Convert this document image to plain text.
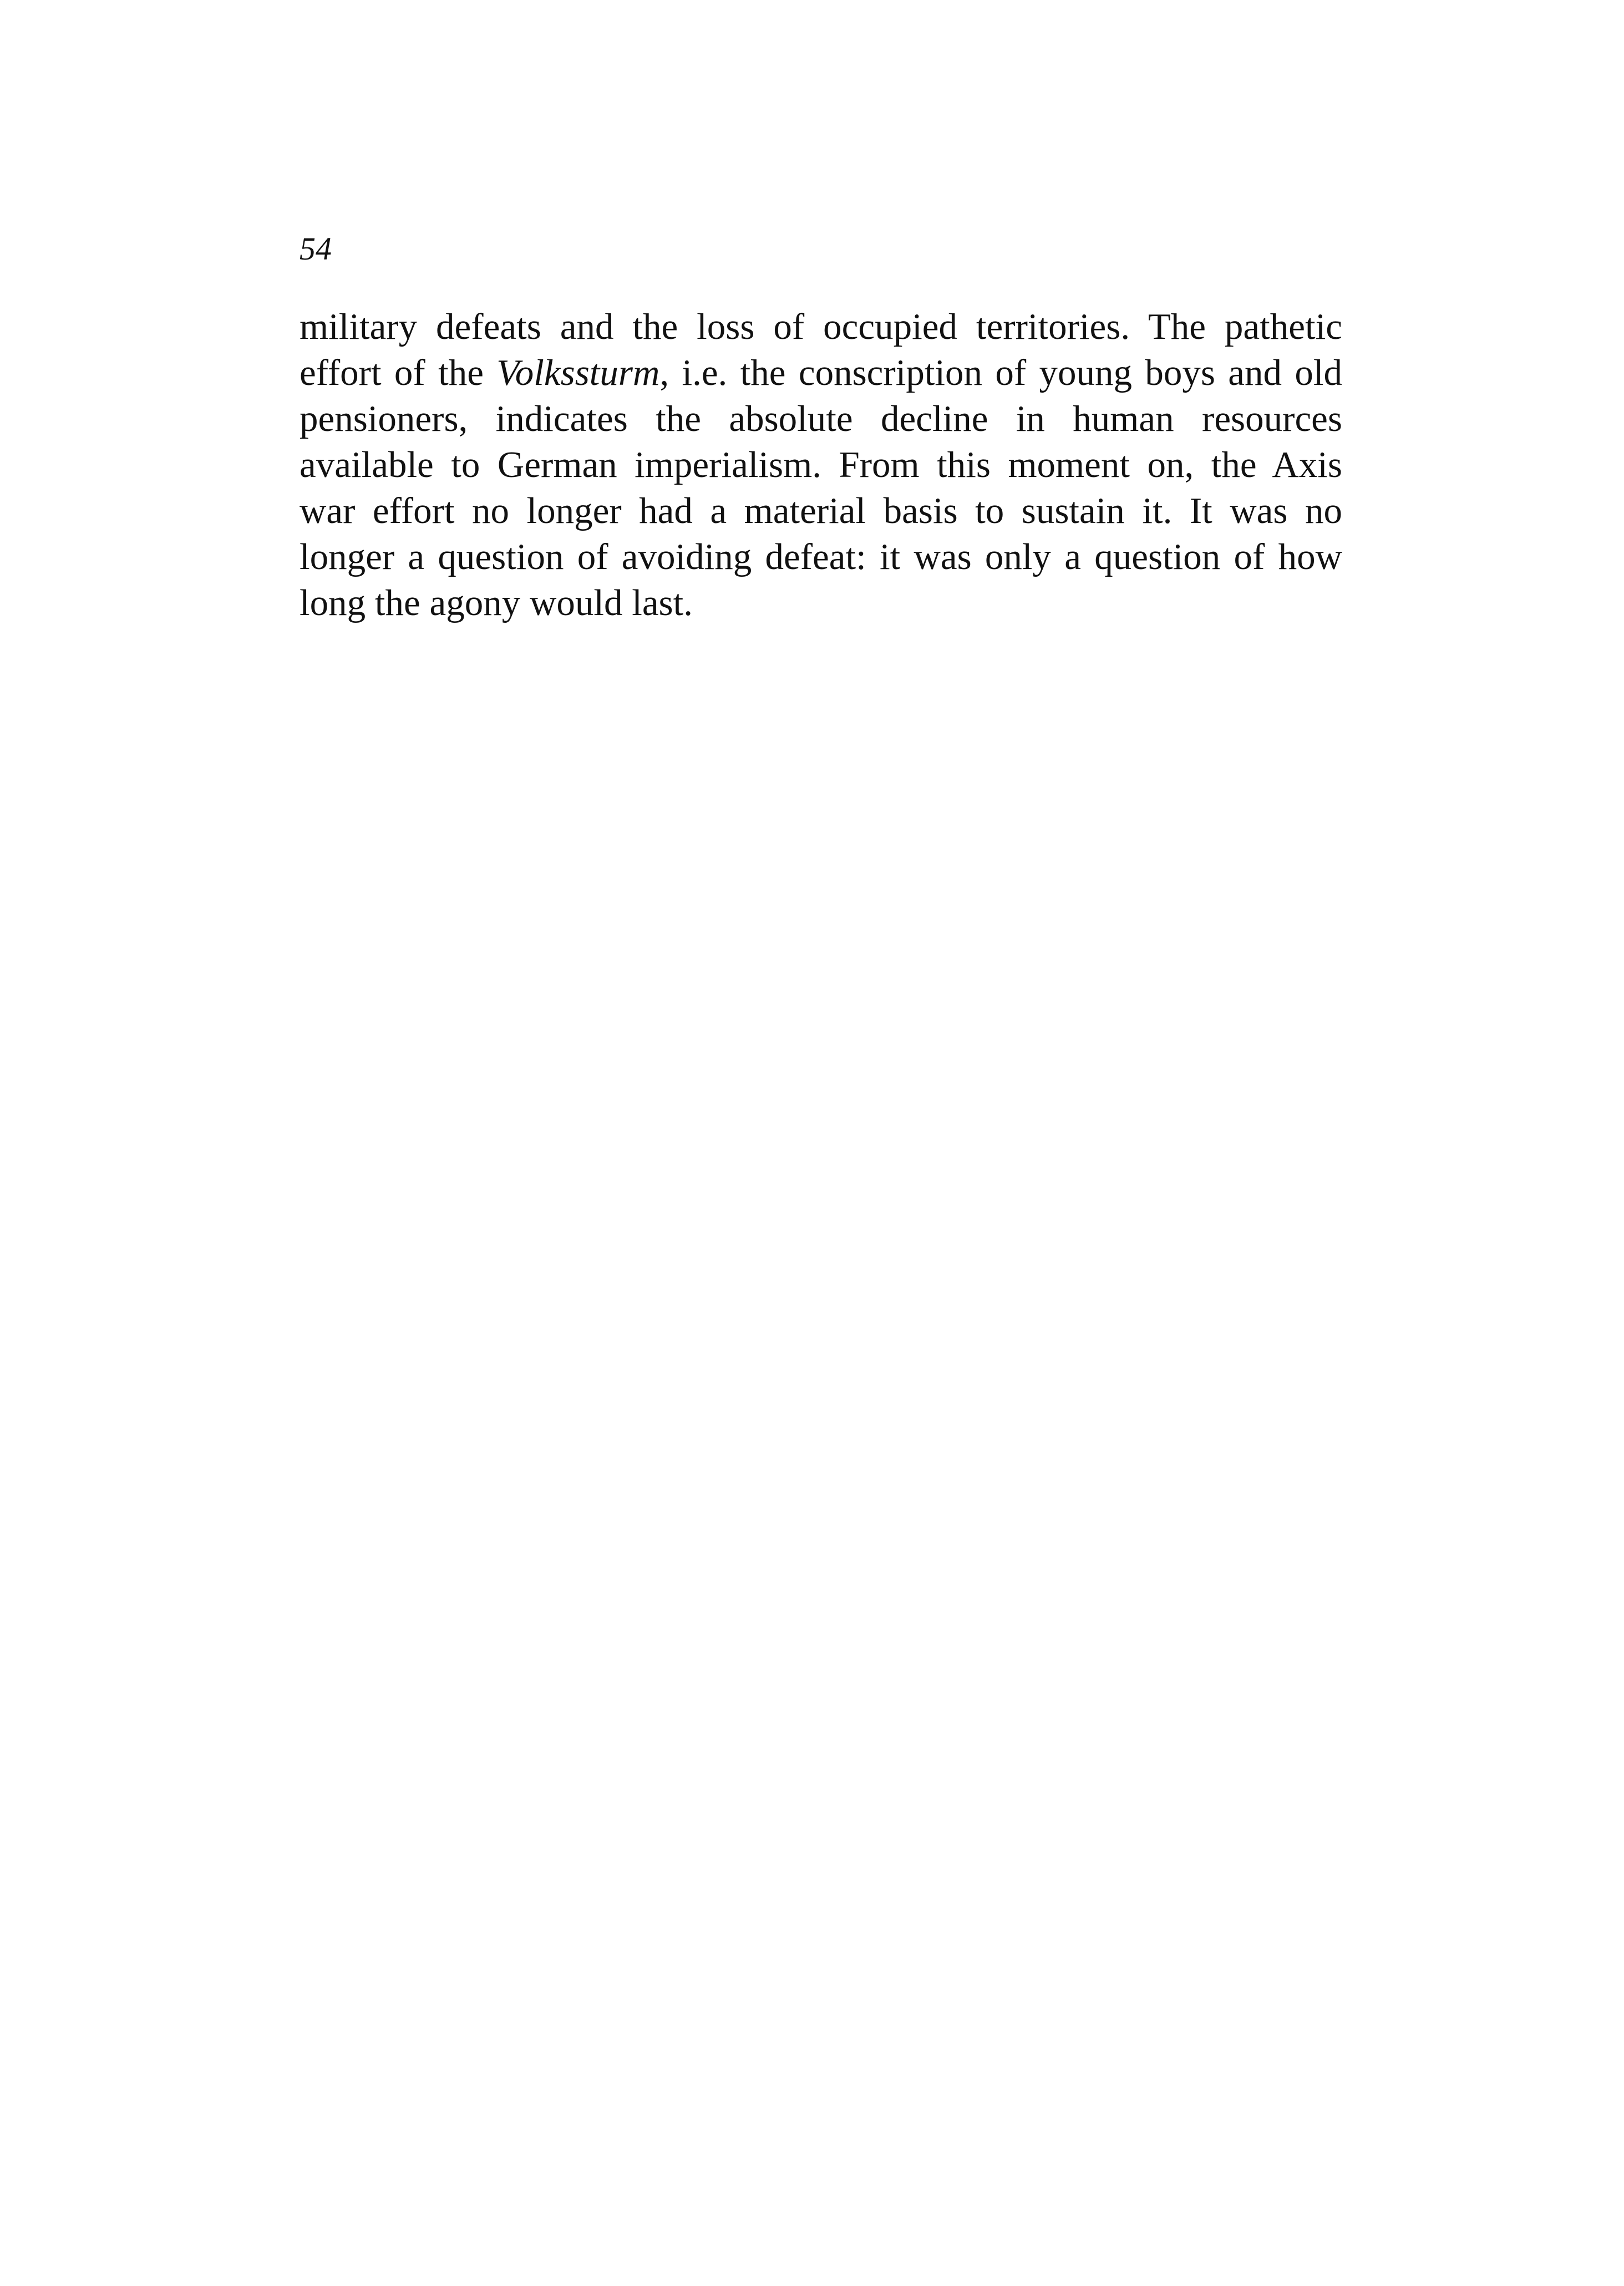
54
military defeats and the loss of occupied territories. The pathetic
effort of the Volkssturm, i.e. the conscription of young boys and old
pensioners, indicates the absolute decline in human resources
available to German imperialism. From this moment on, the Axis
war effort no longer had a material basis to sustain it. It was no
longer a question of avoiding defeat: it was only a question of how
long the agony would last.
